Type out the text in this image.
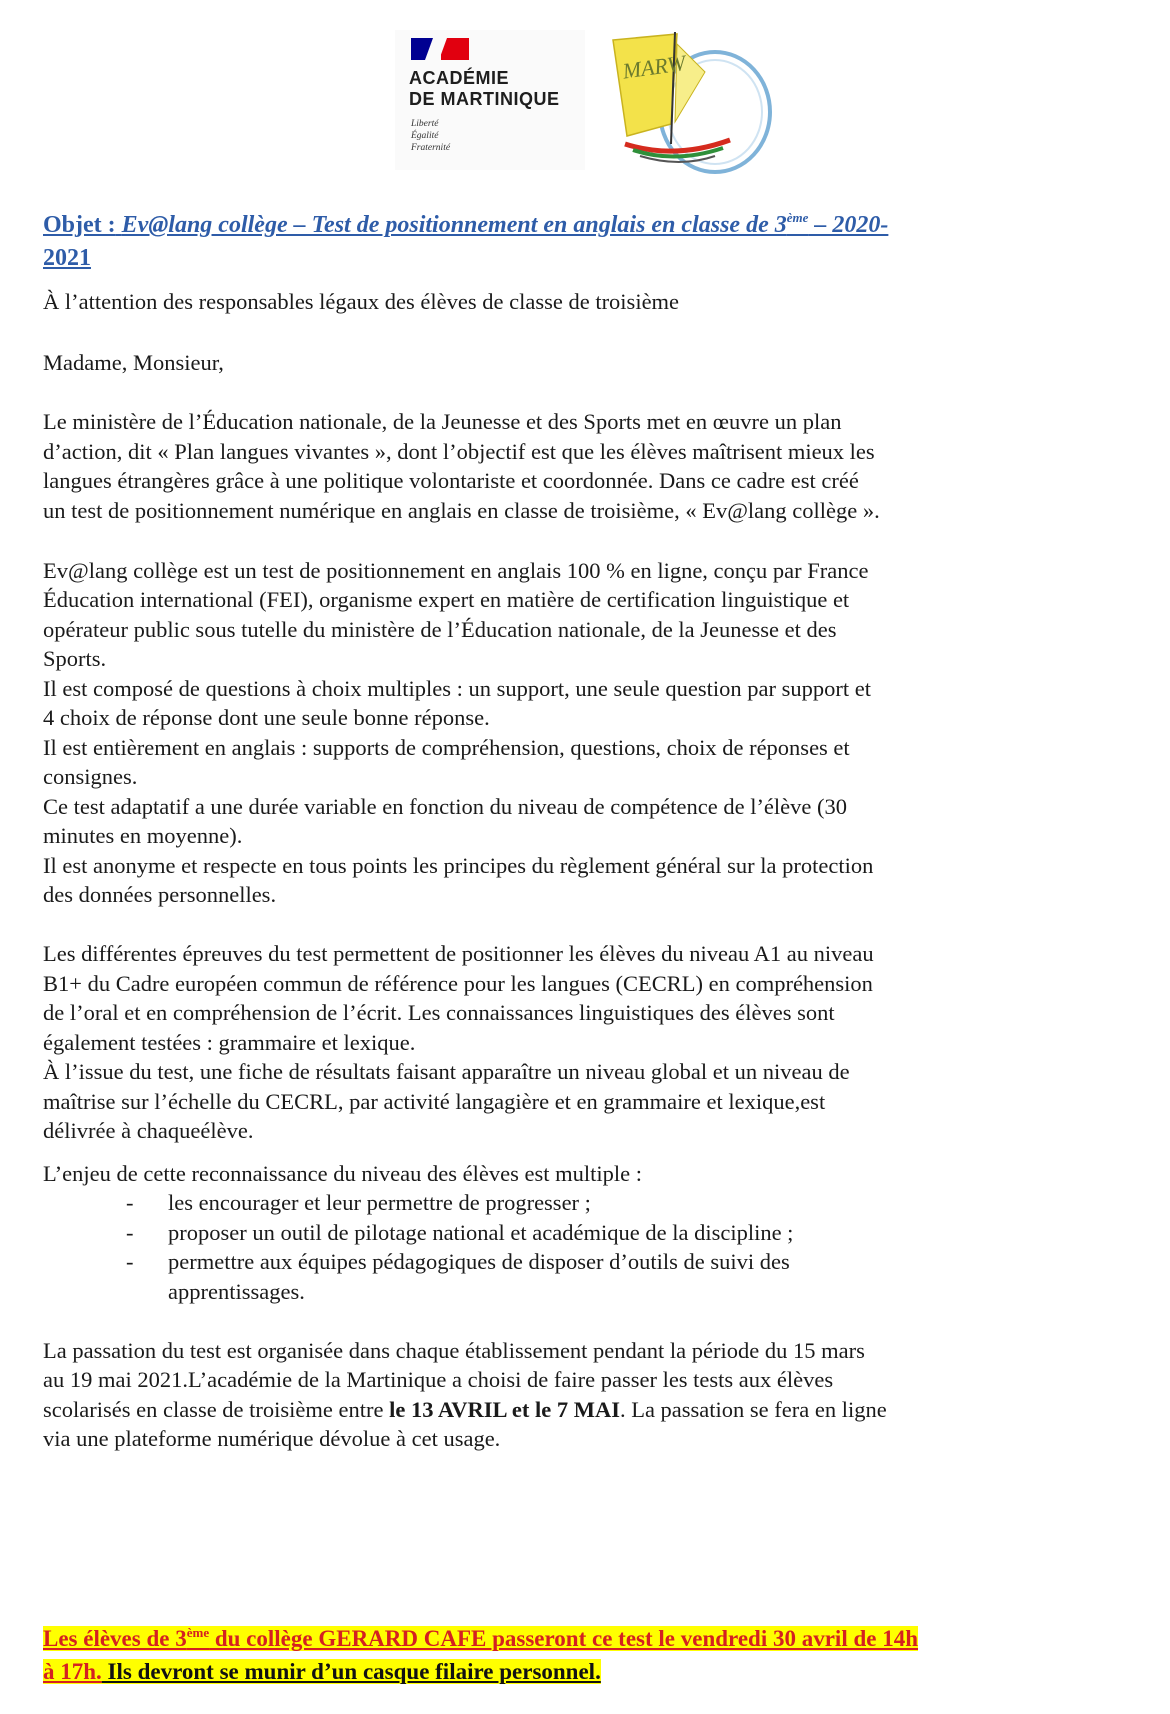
ACADÉMIE
DE MARTINIQUE
Liberté
Égalité
Fraternité
MARW
Objet : Ev@lang collège – Test de positionnement en anglais en classe de 3ème – 2020-
2021
À l’attention des responsables légaux des élèves de classe de troisième
Madame, Monsieur,
Le ministère de l’Éducation nationale, de la Jeunesse et des Sports met en œuvre un plan
d’action, dit « Plan langues vivantes », dont l’objectif est que les élèves maîtrisent mieux les
langues étrangères grâce à une politique volontariste et coordonnée. Dans ce cadre est créé
un test de positionnement numérique en anglais en classe de troisième, « Ev@lang collège ».
Ev@lang collège est un test de positionnement en anglais 100 % en ligne, conçu par France
Éducation international (FEI), organisme expert en matière de certification linguistique et
opérateur public sous tutelle du ministère de l’Éducation nationale, de la Jeunesse et des
Sports.
Il est composé de questions à choix multiples : un support, une seule question par support et
4 choix de réponse dont une seule bonne réponse.
Il est entièrement en anglais : supports de compréhension, questions, choix de réponses et
consignes.
Ce test adaptatif a une durée variable en fonction du niveau de compétence de l’élève (30
minutes en moyenne).
Il est anonyme et respecte en tous points les principes du règlement général sur la protection
des données personnelles.
Les différentes épreuves du test permettent de positionner les élèves du niveau A1 au niveau
B1+ du Cadre européen commun de référence pour les langues (CECRL) en compréhension
de l’oral et en compréhension de l’écrit. Les connaissances linguistiques des élèves sont
également testées : grammaire et lexique.
À l’issue du test, une fiche de résultats faisant apparaître un niveau global et un niveau de
maîtrise sur l’échelle du CECRL, par activité langagière et en grammaire et lexique,est
délivrée à chaqueélève.
L’enjeu de cette reconnaissance du niveau des élèves est multiple :
- les encourager et leur permettre de progresser ;
- proposer un outil de pilotage national et académique de la discipline ;
- permettre aux équipes pédagogiques de disposer d’outils de suivi des
apprentissages.
La passation du test est organisée dans chaque établissement pendant la période du 15 mars
au 19 mai 2021.L’académie de la Martinique a choisi de faire passer les tests aux élèves
scolarisés en classe de troisième entre le 13 AVRIL et le 7 MAI. La passation se fera en ligne
via une plateforme numérique dévolue à cet usage.
Les élèves de 3ème du collège GERARD CAFE passeront ce test le vendredi 30 avril de 14h
à 17h. Ils devront se munir d’un casque filaire personnel.
